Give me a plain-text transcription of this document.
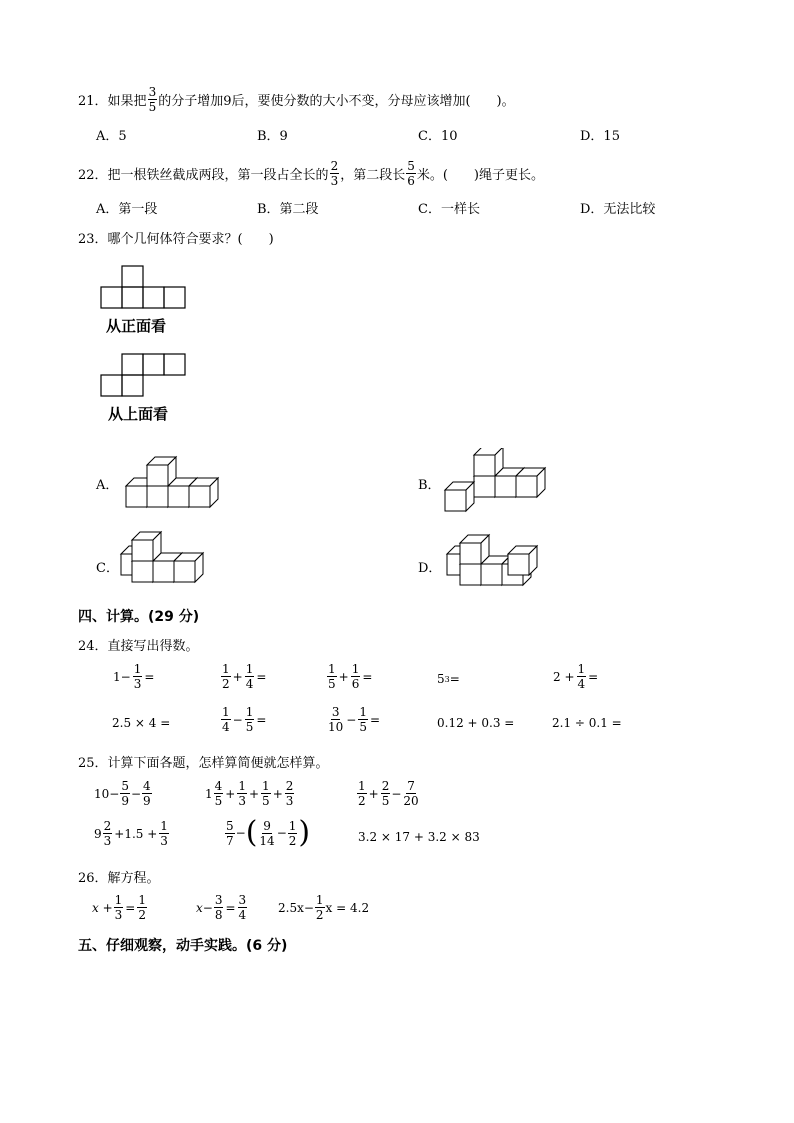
21． 如果把 $\frac{3}{5}$ 的分子增加9后，要使分数的大小不变，分母应该增加(　　)。
A．5	B．9	C．10	D．15
22． 把一根铁丝截成两段，第一段占全长的 $\frac{2}{3}$ ，第二段长 $\frac{5}{6}$ 米。(　　)绳子更长。
A．第一段	B．第二段	C．一样长	D．无法比较
23．哪个几何体符合要求？(　　)
从正面看
从上面看
A．	B．
C．	D．
四、计算。(29 分)
24．直接写出得数。
$1- \frac{1}{3}$ =	$\frac{1}{2} + \frac{1}{4}$ =	$\frac{1}{5} + \frac{1}{6}$ =	5 3 =	$2 + \frac{1}{4}$ =
2.5 × 4 =	$\frac{1}{4} - \frac{1}{5}$ =	$\frac{3}{10} - \frac{1}{5}$ =	0.12 + 0.3 =	2.1 ÷ 0.1 =
25．计算下面各题，怎样算简便就怎样算。
$10- \frac{5}{9} - \frac{4}{9}$	$1 \frac{4}{5} + \frac{1}{3} + \frac{1}{5} + \frac{2}{3}$	$\frac{1}{2} + \frac{2}{5} - \frac{7}{20}$
$9 \frac{2}{3} +1.5 + \frac{1}{3}$	$\frac{5}{7}$ − ( $\frac{9}{14} - \frac{1}{2}$ )	3.2 × 17 + 3.2 × 83
26．解方程。
$x + \frac{1}{3} = \frac{1}{2}$	$x- \frac{3}{8} = \frac{3}{4}$	$2.5x- \frac{1}{2}$ x = 4.2
五、仔细观察，动手实践。(6 分)
